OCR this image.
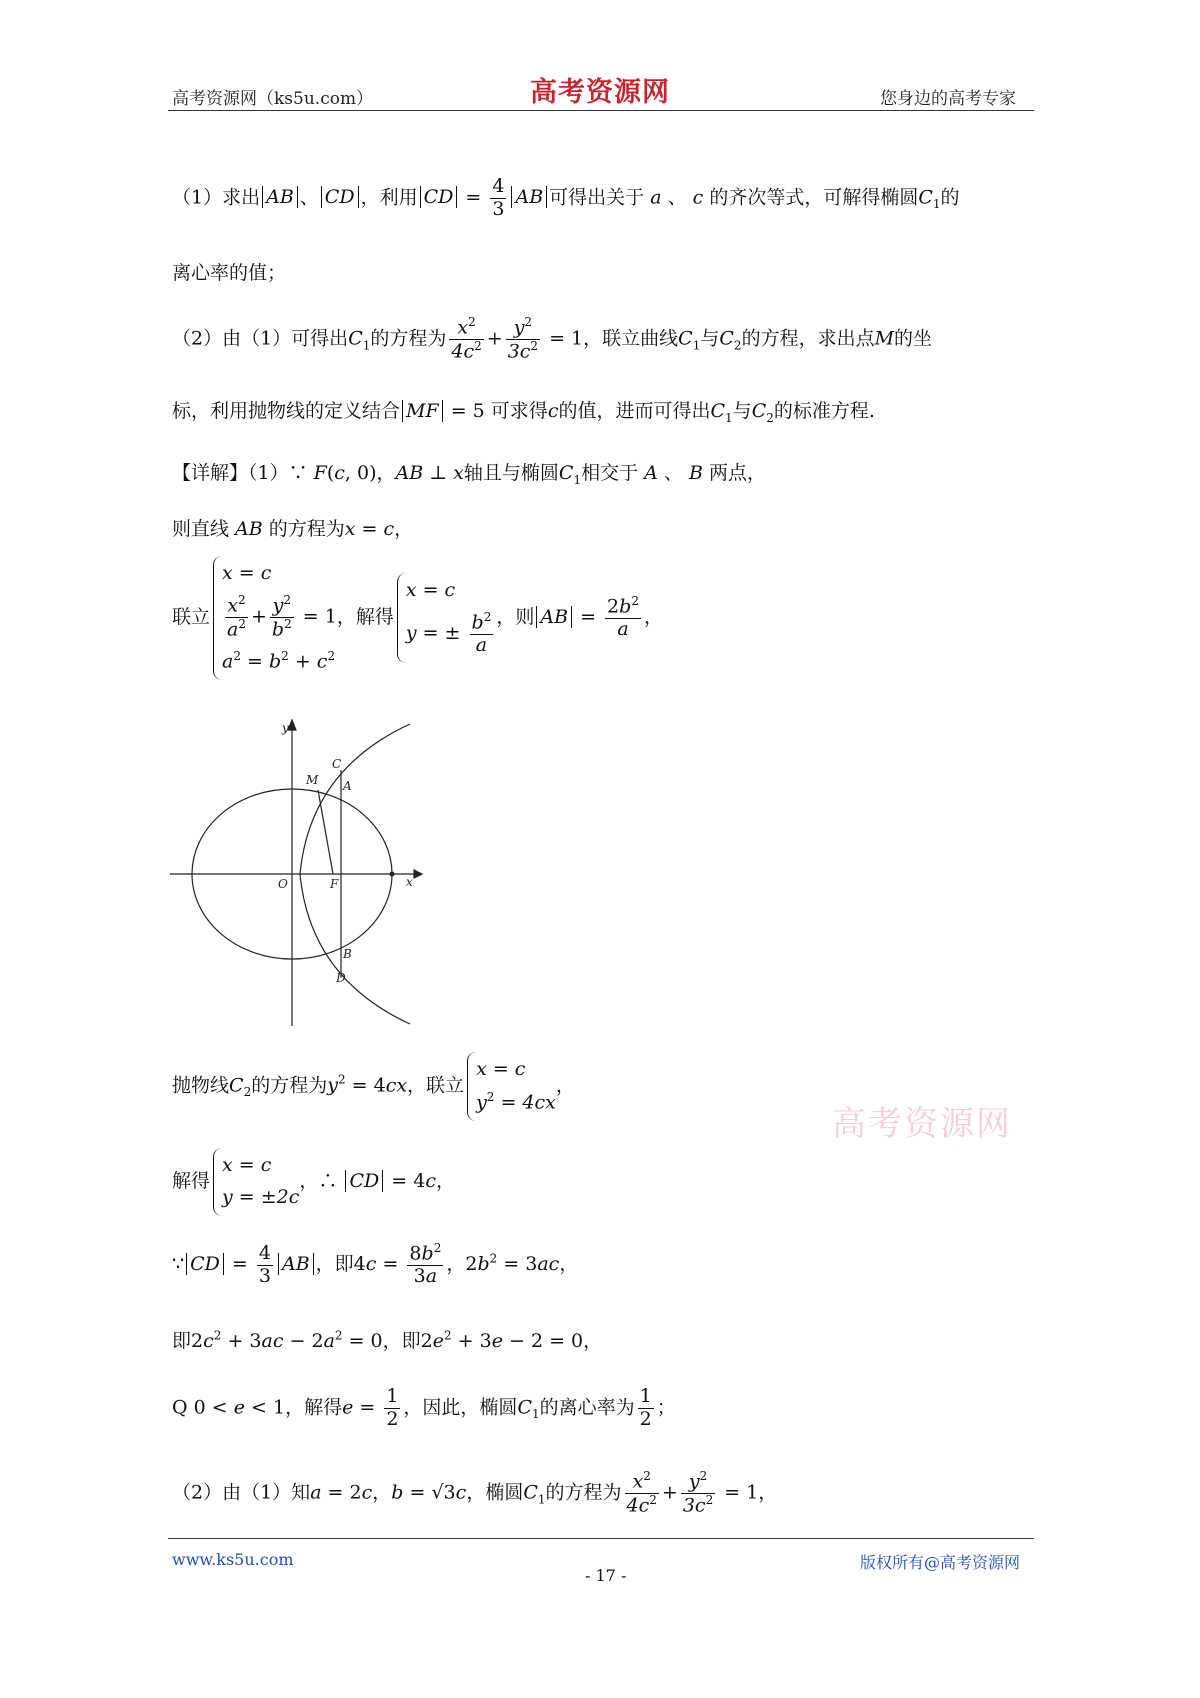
高考资源网（ks5u.com）	高考资源网	您身边的高考专家
（1）求出 AB 、 CD ，利用 CD = $\frac{4}{3}$ AB 可得出关于 a 、 c 的齐次等式，可解得椭圆$C_1$的
离心率的值；
（2）由（1）可得出$C_1$的方程为 $\frac{x^2}{4c^2} + \frac{y^2}{3c^2} = 1$，联立曲线$C_1$与$C_2$的方程，求出点M的坐
标，利用抛物线的定义结合 MF = 5 可求得c的值，进而可得出$C_1$与$C_2$的标准方程.
【详解】（1）∵ F(c, 0)，AB ⊥ x轴且与椭圆$C_1$相交于 A 、 B 两点，
则直线 AB 的方程为x = c，
联立
x = c
$\frac{x^2}{a^2} + \frac{y^2}{b^2} = 1$
$a^2 = b^2 + c^2$
，解得
x = c
y = ± $\frac{b^2}{a}$ ，则 AB = $\frac{2b^2}{a}$ ，
y
x
O	F
M
C
A
B
D
抛物线$C_2$的方程为$y^2 = 4cx$，联立
x = c
$y^2 = 4cx$
，
高考资源网
解得
x = c
y = ±2c
，∴ CD = 4c，
∵ CD = $\frac{4}{3}$ AB ，即$4c = \frac{8b^2}{3a}$ ，$2b^2 = 3ac$，
即$2c^2 + 3ac - 2a^2 = 0$，即$2e^2 + 3e - 2 = 0$，
Q 0 < e < 1，解得$e = \frac{1}{2}$ ，因此，椭圆$C_1$的离心率为 $\frac{1}{2}$ ；
（2）由（1）知a = 2c，b = √3c，椭圆$C_1$的方程为 $\frac{x^2}{4c^2} + \frac{y^2}{3c^2} = 1$，
www.ks5u.com
- 17 -
版权所有@高考资源网
